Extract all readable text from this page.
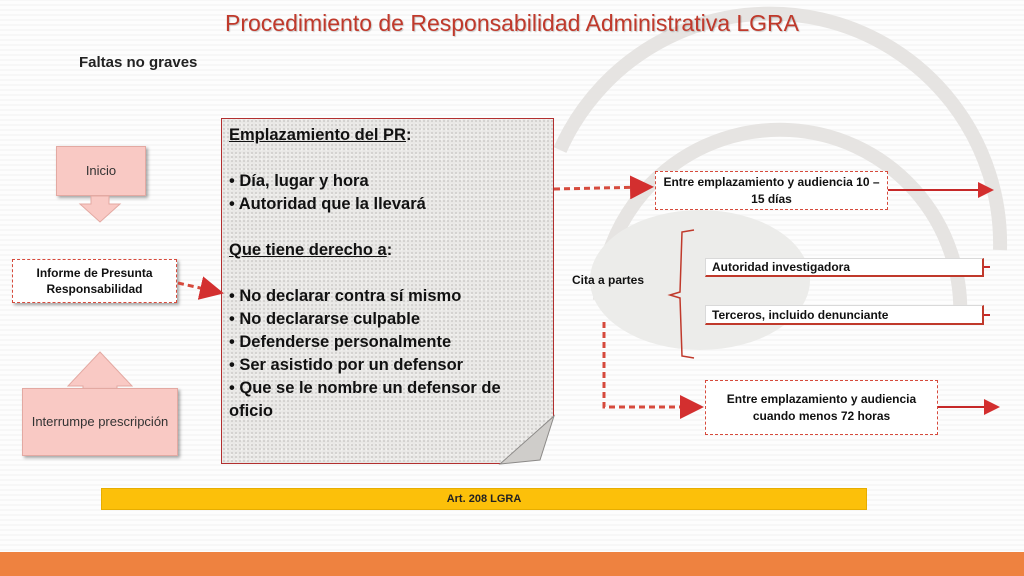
Procedimiento de Responsabilidad Administrativa LGRA
Faltas no graves
Inicio
Informe de Presunta Responsabilidad
Interrumpe prescripción
Emplazamiento del PR:
• Día, lugar y hora
• Autoridad que la llevará
Que tiene derecho a:
• No declarar contra sí mismo
• No declararse culpable
• Defenderse personalmente
• Ser asistido por un defensor
• Que se le nombre un defensor de oficio
Entre emplazamiento y audiencia 10 – 15 días
Cita a partes
Autoridad investigadora
Terceros, incluido denunciante
Entre emplazamiento y audiencia cuando menos 72 horas
Art. 208 LGRA
